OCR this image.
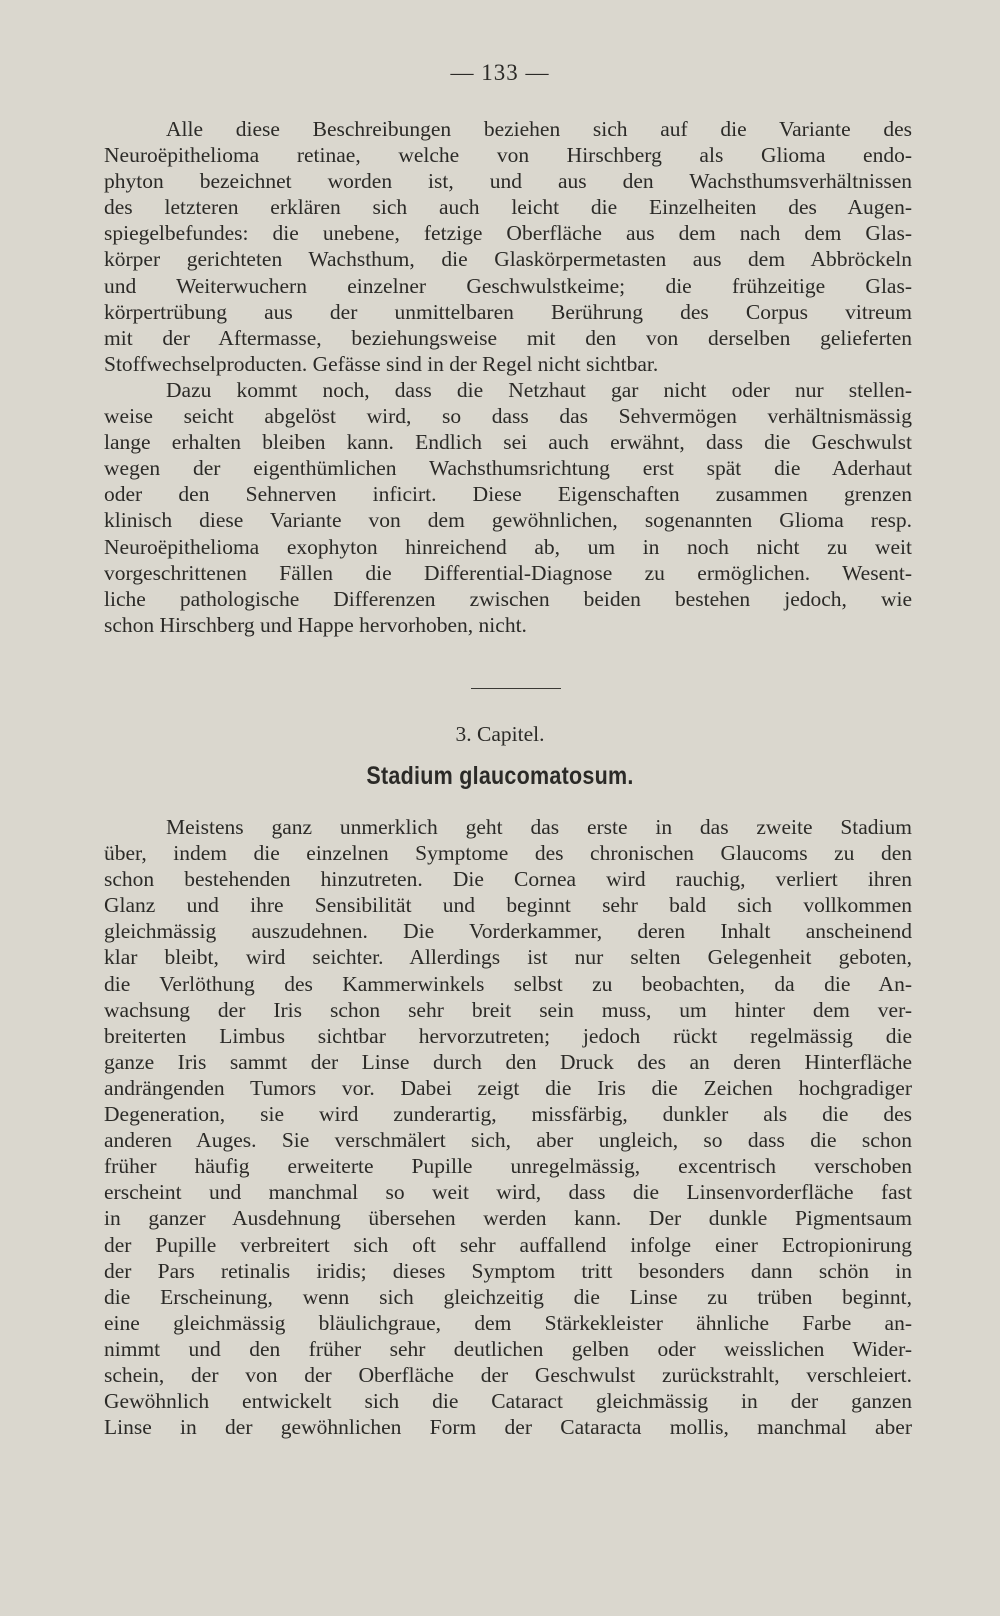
— 133 —
Alle diese Beschreibungen beziehen sich auf die Variante des
Neuroëpithelioma retinae, welche von Hirschberg als Glioma endo-
phyton bezeichnet worden ist, und aus den Wachsthumsverhältnissen
des letzteren erklären sich auch leicht die Einzelheiten des Augen-
spiegelbefundes: die unebene, fetzige Oberfläche aus dem nach dem Glas-
körper gerichteten Wachsthum, die Glaskörpermetasten aus dem Abbröckeln
und Weiterwuchern einzelner Geschwulstkeime; die frühzeitige Glas-
körpertrübung aus der unmittelbaren Berührung des Corpus vitreum
mit der Aftermasse, beziehungsweise mit den von derselben gelieferten
Stoffwechselproducten. Gefässe sind in der Regel nicht sichtbar.
Dazu kommt noch, dass die Netzhaut gar nicht oder nur stellen-
weise seicht abgelöst wird, so dass das Sehvermögen verhältnismässig
lange erhalten bleiben kann. Endlich sei auch erwähnt, dass die Geschwulst
wegen der eigenthümlichen Wachsthumsrichtung erst spät die Aderhaut
oder den Sehnerven inficirt. Diese Eigenschaften zusammen grenzen
klinisch diese Variante von dem gewöhnlichen, sogenannten Glioma resp.
Neuroëpithelioma exophyton hinreichend ab, um in noch nicht zu weit
vorgeschrittenen Fällen die Differential-Diagnose zu ermöglichen. Wesent-
liche pathologische Differenzen zwischen beiden bestehen jedoch, wie
schon Hirschberg und Happe hervorhoben, nicht.
3. Capitel.
Stadium glaucomatosum.
Meistens ganz unmerklich geht das erste in das zweite Stadium
über, indem die einzelnen Symptome des chronischen Glaucoms zu den
schon bestehenden hinzutreten. Die Cornea wird rauchig, verliert ihren
Glanz und ihre Sensibilität und beginnt sehr bald sich vollkommen
gleichmässig auszudehnen. Die Vorderkammer, deren Inhalt anscheinend
klar bleibt, wird seichter. Allerdings ist nur selten Gelegenheit geboten,
die Verlöthung des Kammerwinkels selbst zu beobachten, da die An-
wachsung der Iris schon sehr breit sein muss, um hinter dem ver-
breiterten Limbus sichtbar hervorzutreten; jedoch rückt regelmässig die
ganze Iris sammt der Linse durch den Druck des an deren Hinterfläche
andrängenden Tumors vor. Dabei zeigt die Iris die Zeichen hochgradiger
Degeneration, sie wird zunderartig, missfärbig, dunkler als die des
anderen Auges. Sie verschmälert sich, aber ungleich, so dass die schon
früher häufig erweiterte Pupille unregelmässig, excentrisch verschoben
erscheint und manchmal so weit wird, dass die Linsenvorderfläche fast
in ganzer Ausdehnung übersehen werden kann. Der dunkle Pigmentsaum
der Pupille verbreitert sich oft sehr auffallend infolge einer Ectropionirung
der Pars retinalis iridis; dieses Symptom tritt besonders dann schön in
die Erscheinung, wenn sich gleichzeitig die Linse zu trüben beginnt,
eine gleichmässig bläulichgraue, dem Stärkekleister ähnliche Farbe an-
nimmt und den früher sehr deutlichen gelben oder weisslichen Wider-
schein, der von der Oberfläche der Geschwulst zurückstrahlt, verschleiert.
Gewöhnlich entwickelt sich die Cataract gleichmässig in der ganzen
Linse in der gewöhnlichen Form der Cataracta mollis, manchmal aber
